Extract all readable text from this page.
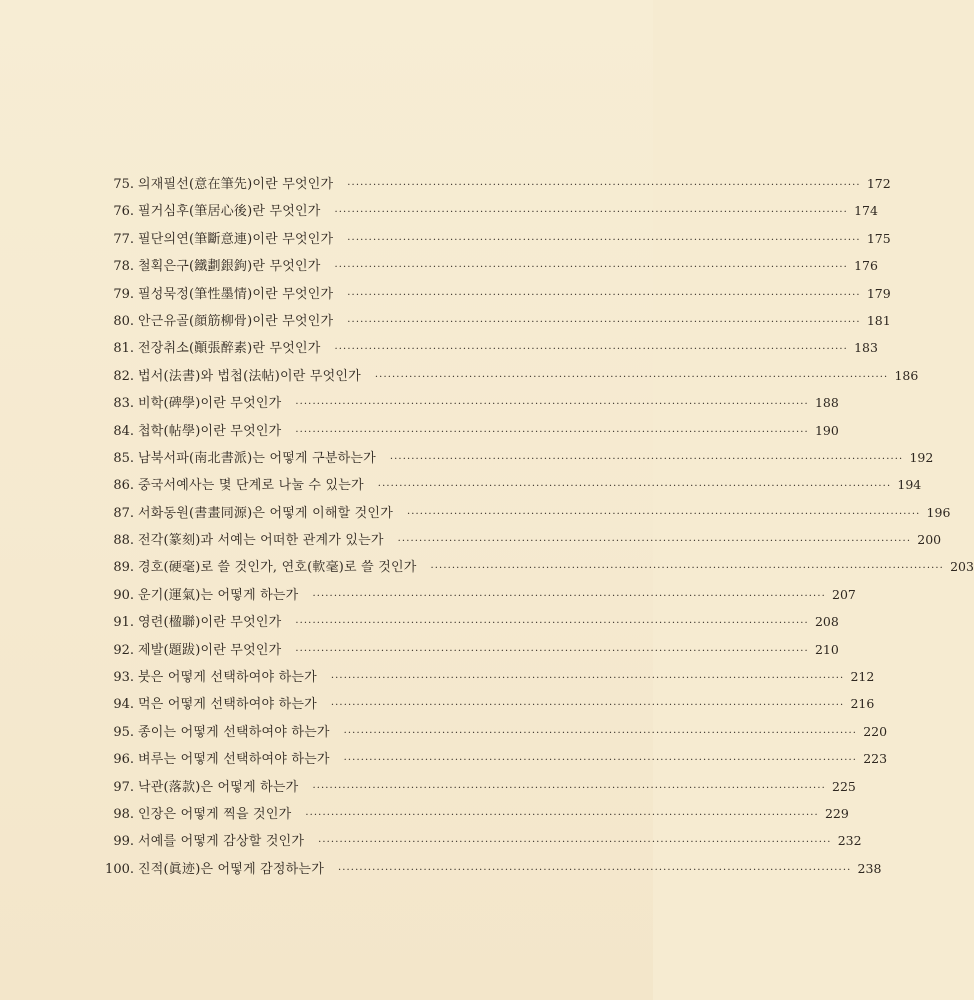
75. 의재필선(意在筆先)이란 무엇인가 ························································································································ 172
76. 필거심후(筆居心後)란 무엇인가 ························································································································ 174
77. 필단의연(筆斷意連)이란 무엇인가 ························································································································ 175
78. 철획은구(鐵劃銀鉤)란 무엇인가 ························································································································ 176
79. 필성묵정(筆性墨情)이란 무엇인가 ························································································································ 179
80. 안근유골(顔筋柳骨)이란 무엇인가 ························································································································ 181
81. 전장취소(顚張醉素)란 무엇인가 ························································································································ 183
82. 법서(法書)와 법첩(法帖)이란 무엇인가 ························································································································ 186
83. 비학(碑學)이란 무엇인가 ························································································································ 188
84. 첩학(帖學)이란 무엇인가 ························································································································ 190
85. 남북서파(南北書派)는 어떻게 구분하는가 ························································································································ 192
86. 중국서예사는 몇 단계로 나눌 수 있는가 ························································································································ 194
87. 서화동원(書畫同源)은 어떻게 이해할 것인가 ························································································································ 196
88. 전각(篆刻)과 서예는 어떠한 관계가 있는가 ························································································································ 200
89. 경호(硬毫)로 쓸 것인가, 연호(軟毫)로 쓸 것인가 ························································································································ 203
90. 운기(運氣)는 어떻게 하는가 ························································································································ 207
91. 영련(楹聯)이란 무엇인가 ························································································································ 208
92. 제발(題跋)이란 무엇인가 ························································································································ 210
93. 붓은 어떻게 선택하여야 하는가 ························································································································ 212
94. 먹은 어떻게 선택하여야 하는가 ························································································································ 216
95. 종이는 어떻게 선택하여야 하는가 ························································································································ 220
96. 벼루는 어떻게 선택하여야 하는가 ························································································································ 223
97. 낙관(落款)은 어떻게 하는가 ························································································································ 225
98. 인장은 어떻게 찍을 것인가 ························································································································ 229
99. 서예를 어떻게 감상할 것인가 ························································································································ 232
100. 진적(眞迹)은 어떻게 감정하는가 ························································································································ 238
